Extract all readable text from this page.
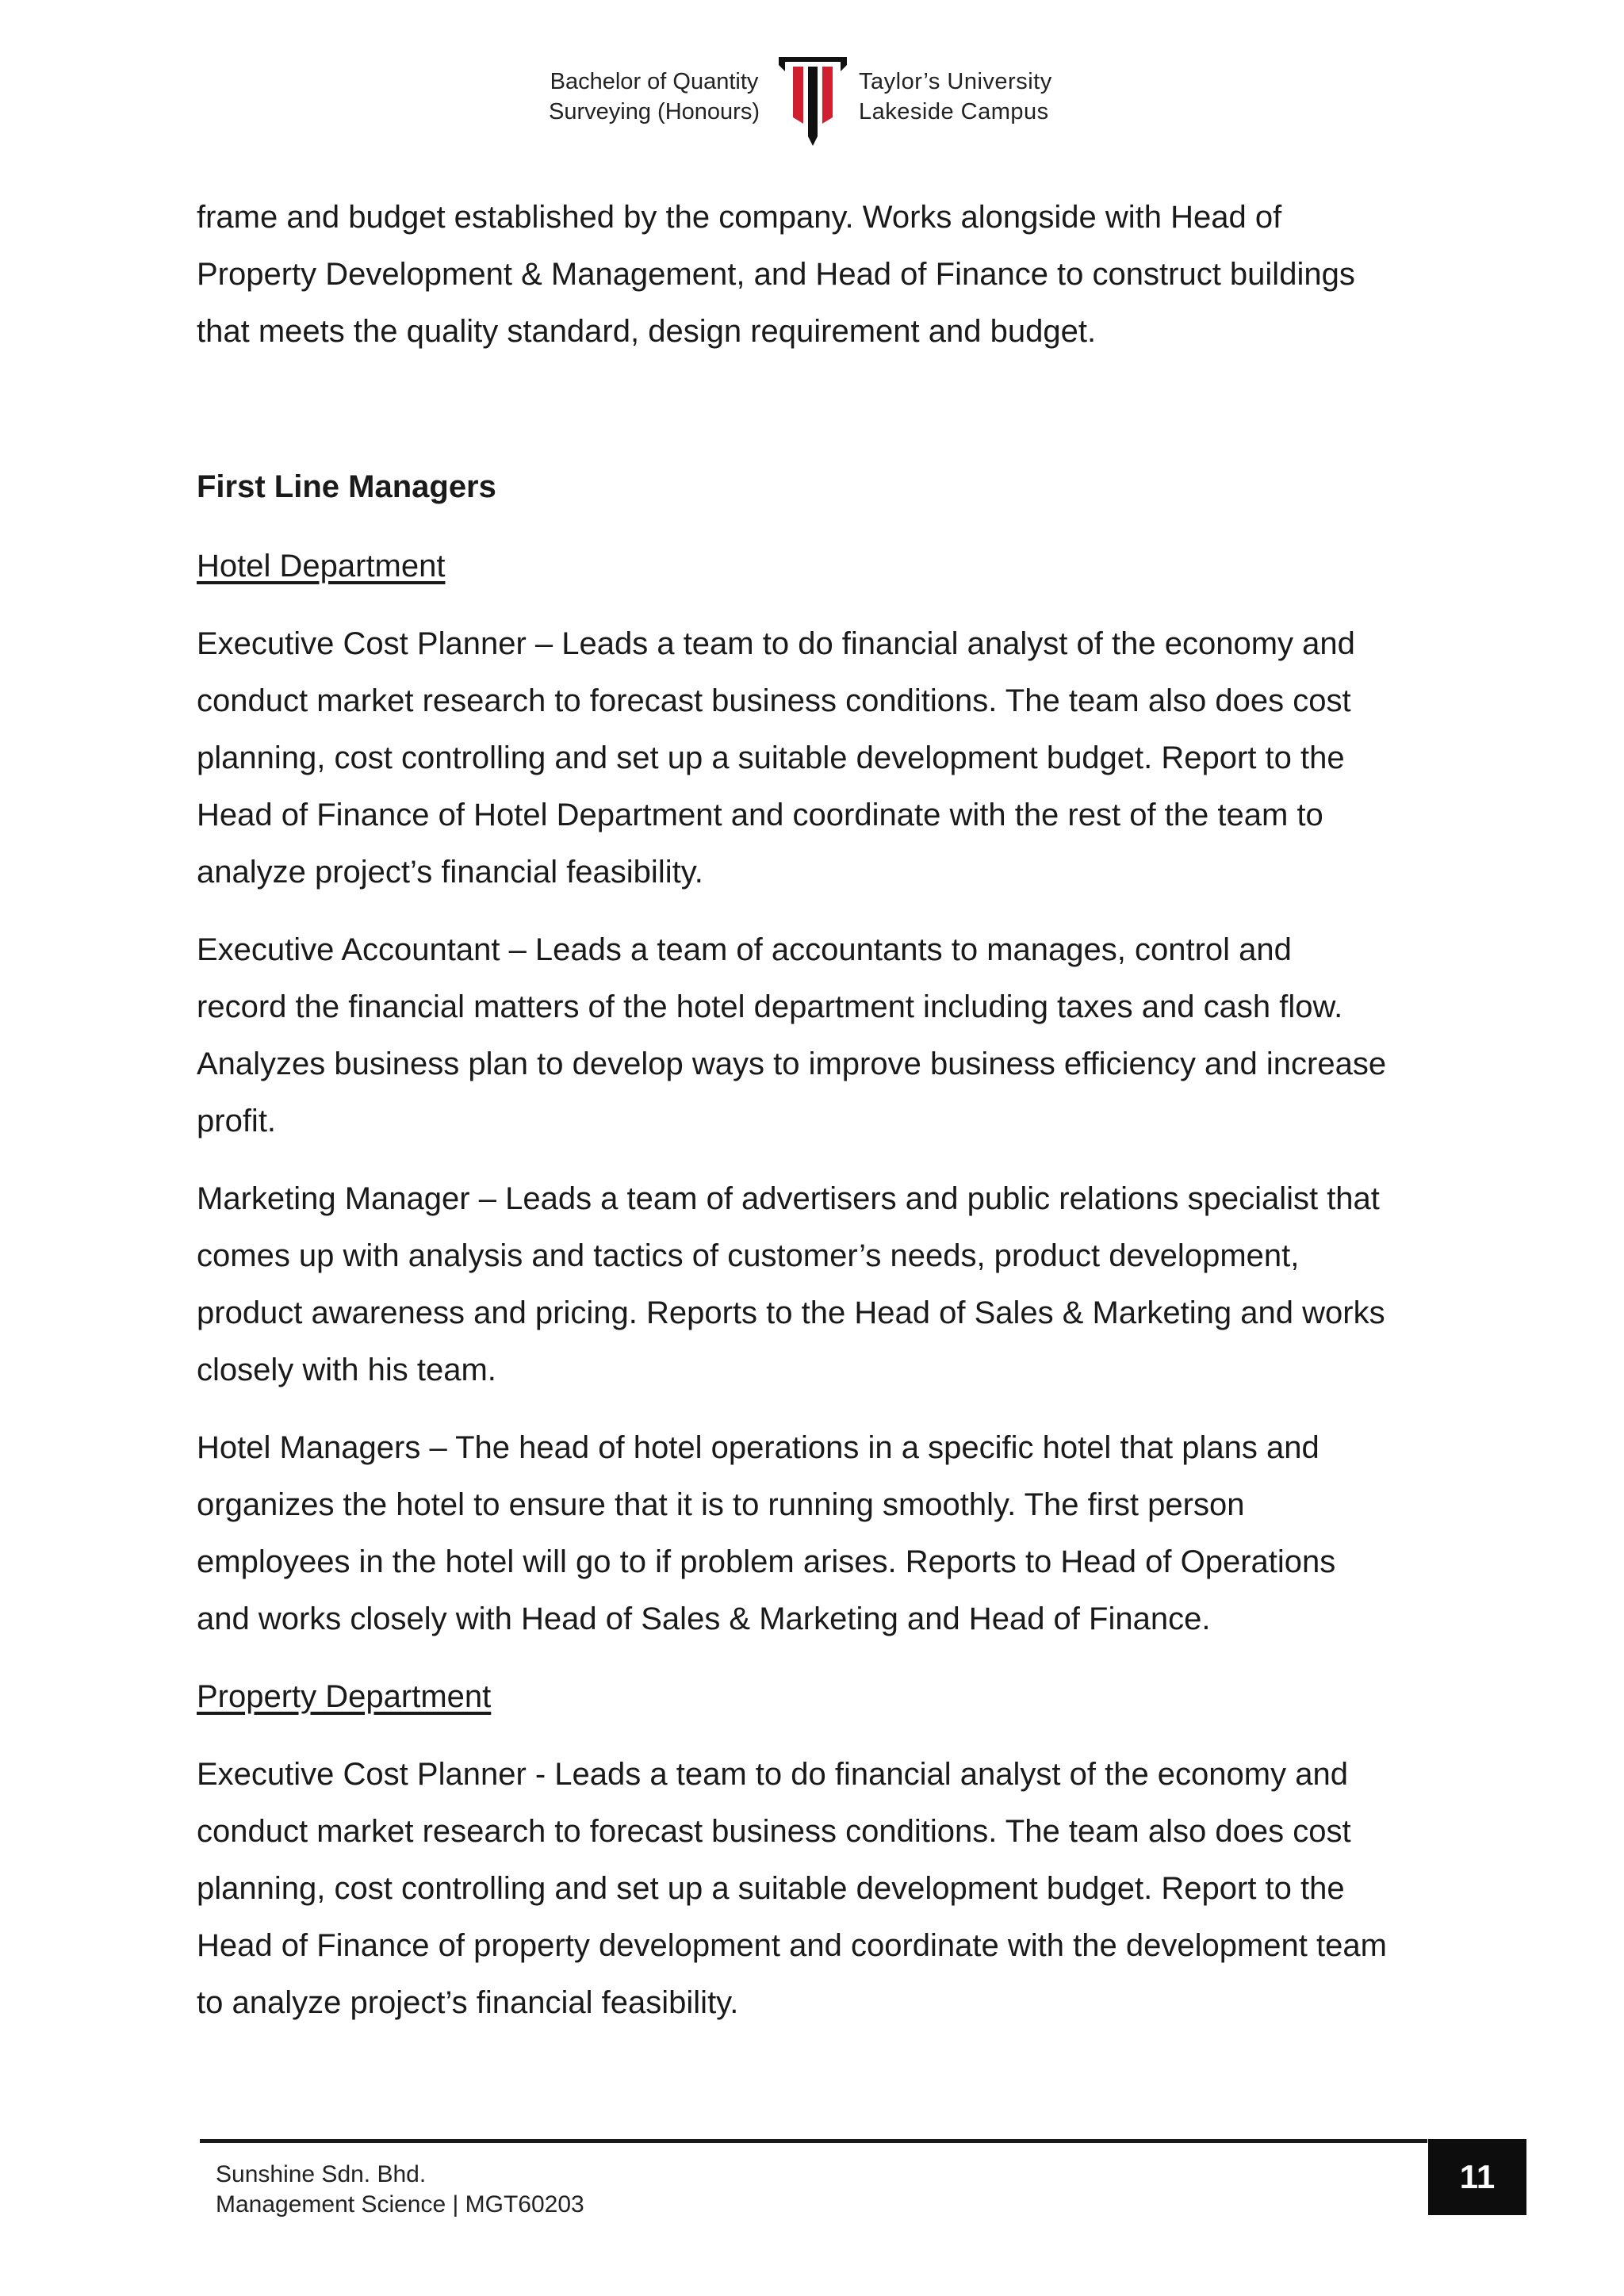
Bachelor of Quantity
Surveying (Honours)
Taylor’s University
Lakeside Campus

frame and budget established by the company. Works alongside with Head of

Property Development & Management, and Head of Finance to construct buildings

that meets the quality standard, design requirement and budget.

First Line Managers

Hotel Department

Executive Cost Planner – Leads a team to do financial analyst of the economy and

conduct market research to forecast business conditions. The team also does cost

planning, cost controlling and set up a suitable development budget. Report to the

Head of Finance of Hotel Department and coordinate with the rest of the team to

analyze project’s financial feasibility.

Executive Accountant – Leads a team of accountants to manages, control and

record the financial matters of the hotel department including taxes and cash flow.

Analyzes business plan to develop ways to improve business efficiency and increase

profit.

Marketing Manager – Leads a team of advertisers and public relations specialist that

comes up with analysis and tactics of customer’s needs, product development,

product awareness and pricing. Reports to the Head of Sales & Marketing and works

closely with his team.

Hotel Managers – The head of hotel operations in a specific hotel that plans and

organizes the hotel to ensure that it is to running smoothly. The first person

employees in the hotel will go to if problem arises. Reports to Head of Operations

and works closely with Head of Sales & Marketing and Head of Finance.

Property Department

Executive Cost Planner - Leads a team to do financial analyst of the economy and

conduct market research to forecast business conditions. The team also does cost

planning, cost controlling and set up a suitable development budget. Report to the

Head of Finance of property development and coordinate with the development team

to analyze project’s financial feasibility.

Sunshine Sdn. Bhd.
Management Science | MGT60203
11
